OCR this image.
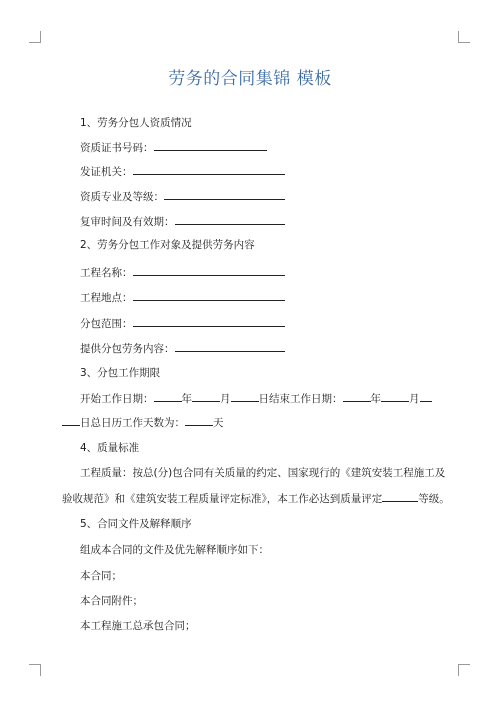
劳务的合同集锦 模板
1、劳务分包人资质情况
资质证书号码：
发证机关：
资质专业及等级：
复审时间及有效期：
2、劳务分包工作对象及提供劳务内容
工程名称：
工程地点：
分包范围：
提供分包劳务内容：
3、分包工作期限
开始工作日期：	年	月	日结束工作日期：	年	月
日总日历工作天数为：	天
4、质量标准
工程质量：按总(分)包合同有关质量的约定、国家现行的《建筑安装工程施工及
验收规范》和《建筑安装工程质量评定标准》，本工作必达到质量评定	等级。
5、合同文件及解释顺序
组成本合同的文件及优先解释顺序如下：
本合同；
本合同附件；
本工程施工总承包合同；
